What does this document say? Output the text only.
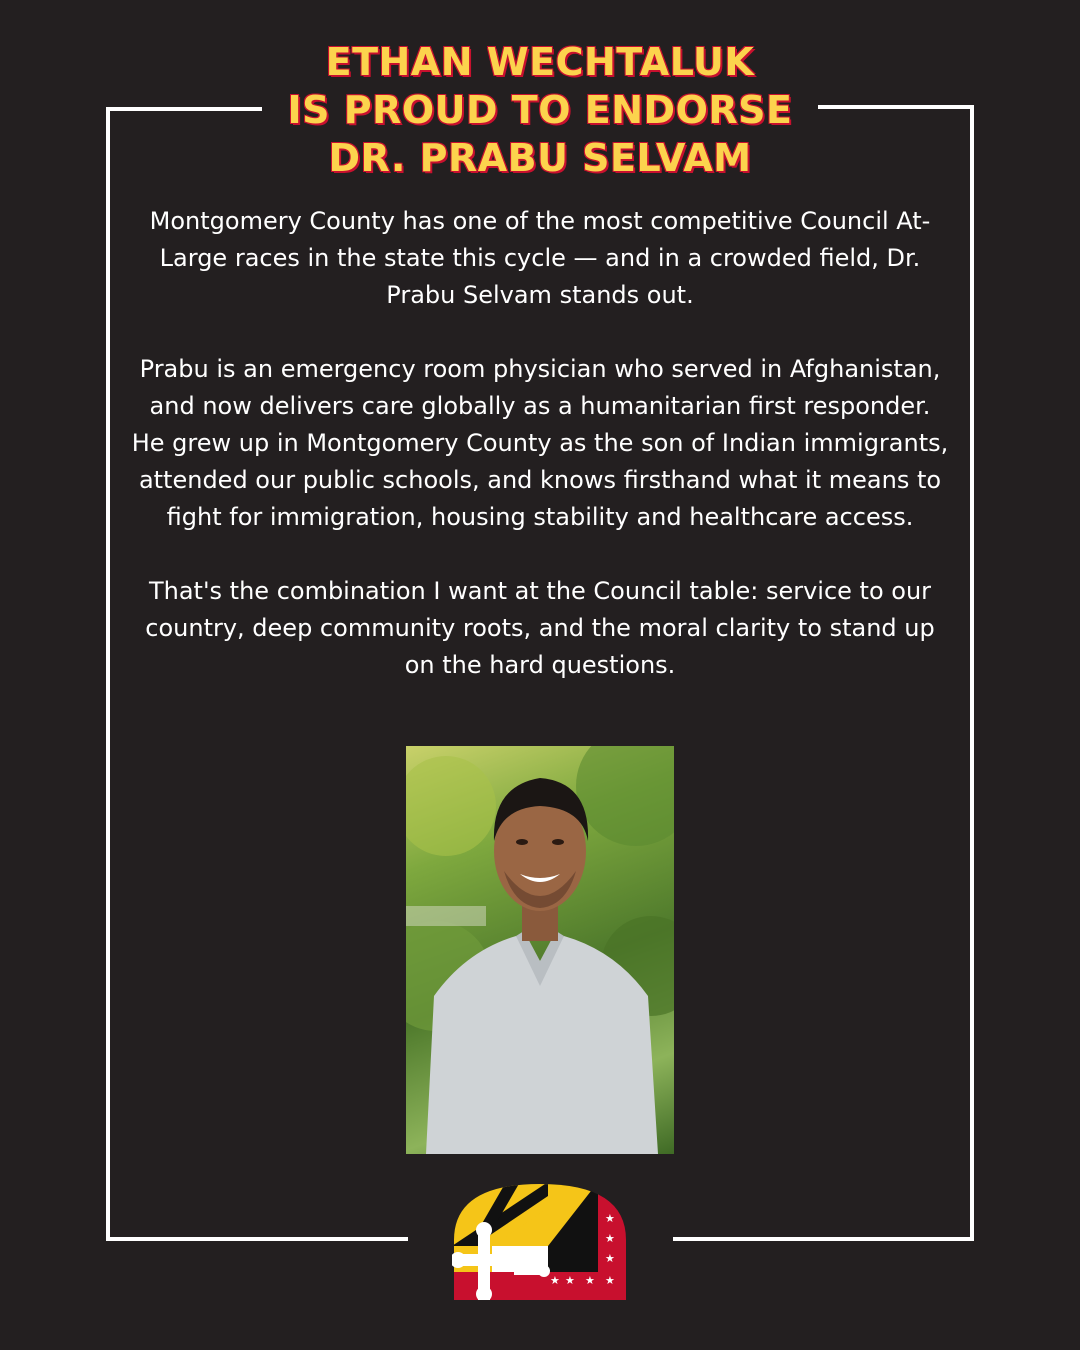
ETHAN WECHTALUK
IS PROUD TO ENDORSE
DR. PRABU SELVAM

Montgomery County has one of the most competitive Council At-Large races in the state this cycle — and in a crowded field, Dr. Prabu Selvam stands out.

Prabu is an emergency room physician who served in Afghanistan, and now delivers care globally as a humanitarian first responder. He grew up in Montgomery County as the son of Indian immigrants, attended our public schools, and knows firsthand what it means to fight for immigration, housing stability and healthcare access.

That's the combination I want at the Council table: service to our country, deep community roots, and the moral clarity to stand up on the hard questions.

★
★
★
★
★
★
★
